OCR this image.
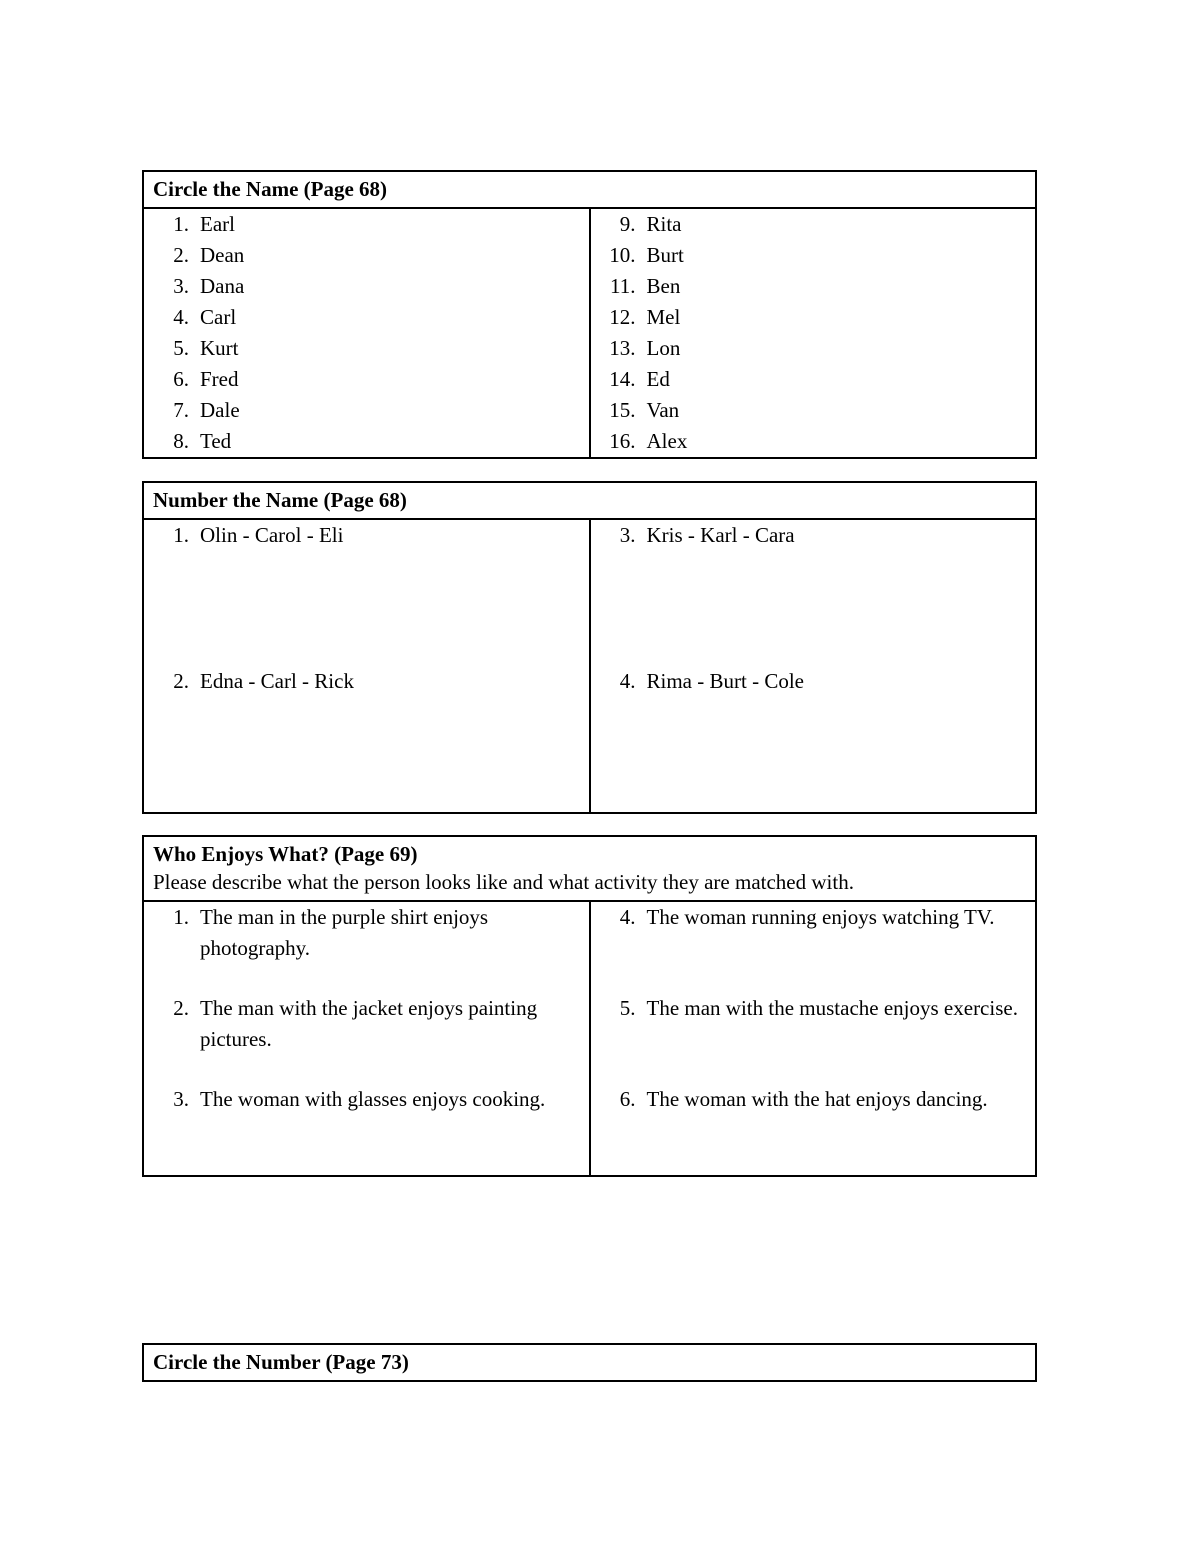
Circle the Name (Page 68)

1. Earl
2. Dean
3. Dana
4. Carl
5. Kurt
6. Fred
7. Dale
8. Ted

9. Rita
10. Burt
11. Ben
12. Mel
13. Lon
14. Ed
15. Van
16. Alex
Number the Name (Page 68)

1. Olin - Carol - Eli
2. Edna - Carl - Rick

3. Kris - Karl - Cara
4. Rima - Burt - Cole
Who Enjoys What? (Page 69)
Please describe what the person looks like and what activity they are matched with.

1. The man in the purple shirt enjoys photography.
2. The man with the jacket enjoys painting pictures.
3. The woman with glasses enjoys cooking.

4. The woman running enjoys watching TV.
5. The man with the mustache enjoys exercise.
6. The woman with the hat enjoys dancing.
Circle the Number (Page 73)
